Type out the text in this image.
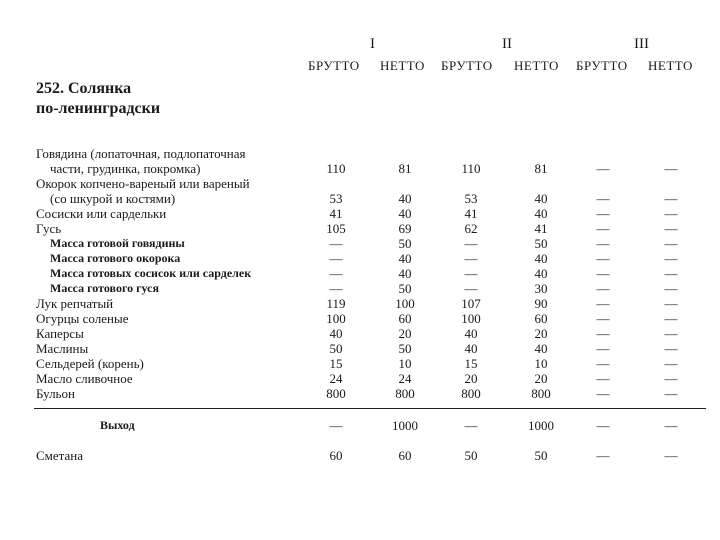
I	II	III
БРУТТО НЕТТО БРУТТО НЕТТО БРУТТО НЕТТО
252. Солянка
по-ленинградски
Говядина (лопаточная, подлопаточная
части, грудинка, покромка)	110	81	110	81	—	—
Окорок копчено-вареный или вареный
(со шкурой и костями)	53	40	53	40	—	—
Сосиски или сардельки	41	40	41	40	—	—
Гусь	105	69	62	41	—	—
Масса готовой говядины	—	50	—	50	—	—
Масса готового окорока	—	40	—	40	—	—
Масса готовых сосисок или сарделек	—	40	—	40	—	—
Масса готового гуся	—	50	—	30	—	—
Лук репчатый	119	100	107	90	—	—
Огурцы соленые	100	60	100	60	—	—
Каперсы	40	20	40	20	—	—
Маслины	50	50	40	40	—	—
Сельдерей (корень)	15	10	15	10	—	—
Масло сливочное	24	24	20	20	—	—
Бульон	800	800	800	800	—	—
Выход	—	1000	—	1000	—	—
Сметана	60	60	50	50	—	—
